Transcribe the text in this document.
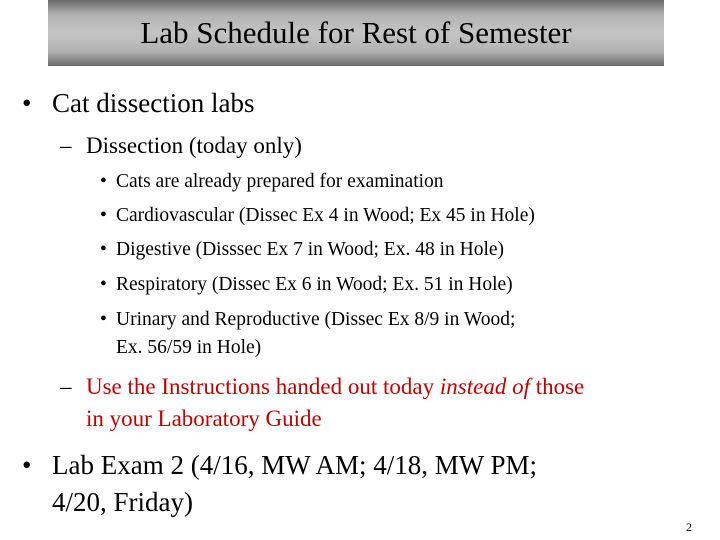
Lab Schedule for Rest of Semester
• Cat dissection labs
– Dissection (today only)
• Cats are already prepared for examination
• Cardiovascular (Dissec Ex 4 in Wood; Ex 45 in Hole)
• Digestive (Disssec Ex 7 in Wood; Ex. 48 in Hole)
• Respiratory (Dissec Ex 6 in Wood; Ex. 51 in Hole)
• Urinary and Reproductive (Dissec Ex 8/9 in Wood;
Ex. 56/59 in Hole)
– Use the Instructions handed out today instead of those
in your Laboratory Guide
• Lab Exam 2 (4/16, MW AM; 4/18, MW PM;
4/20, Friday)
2
